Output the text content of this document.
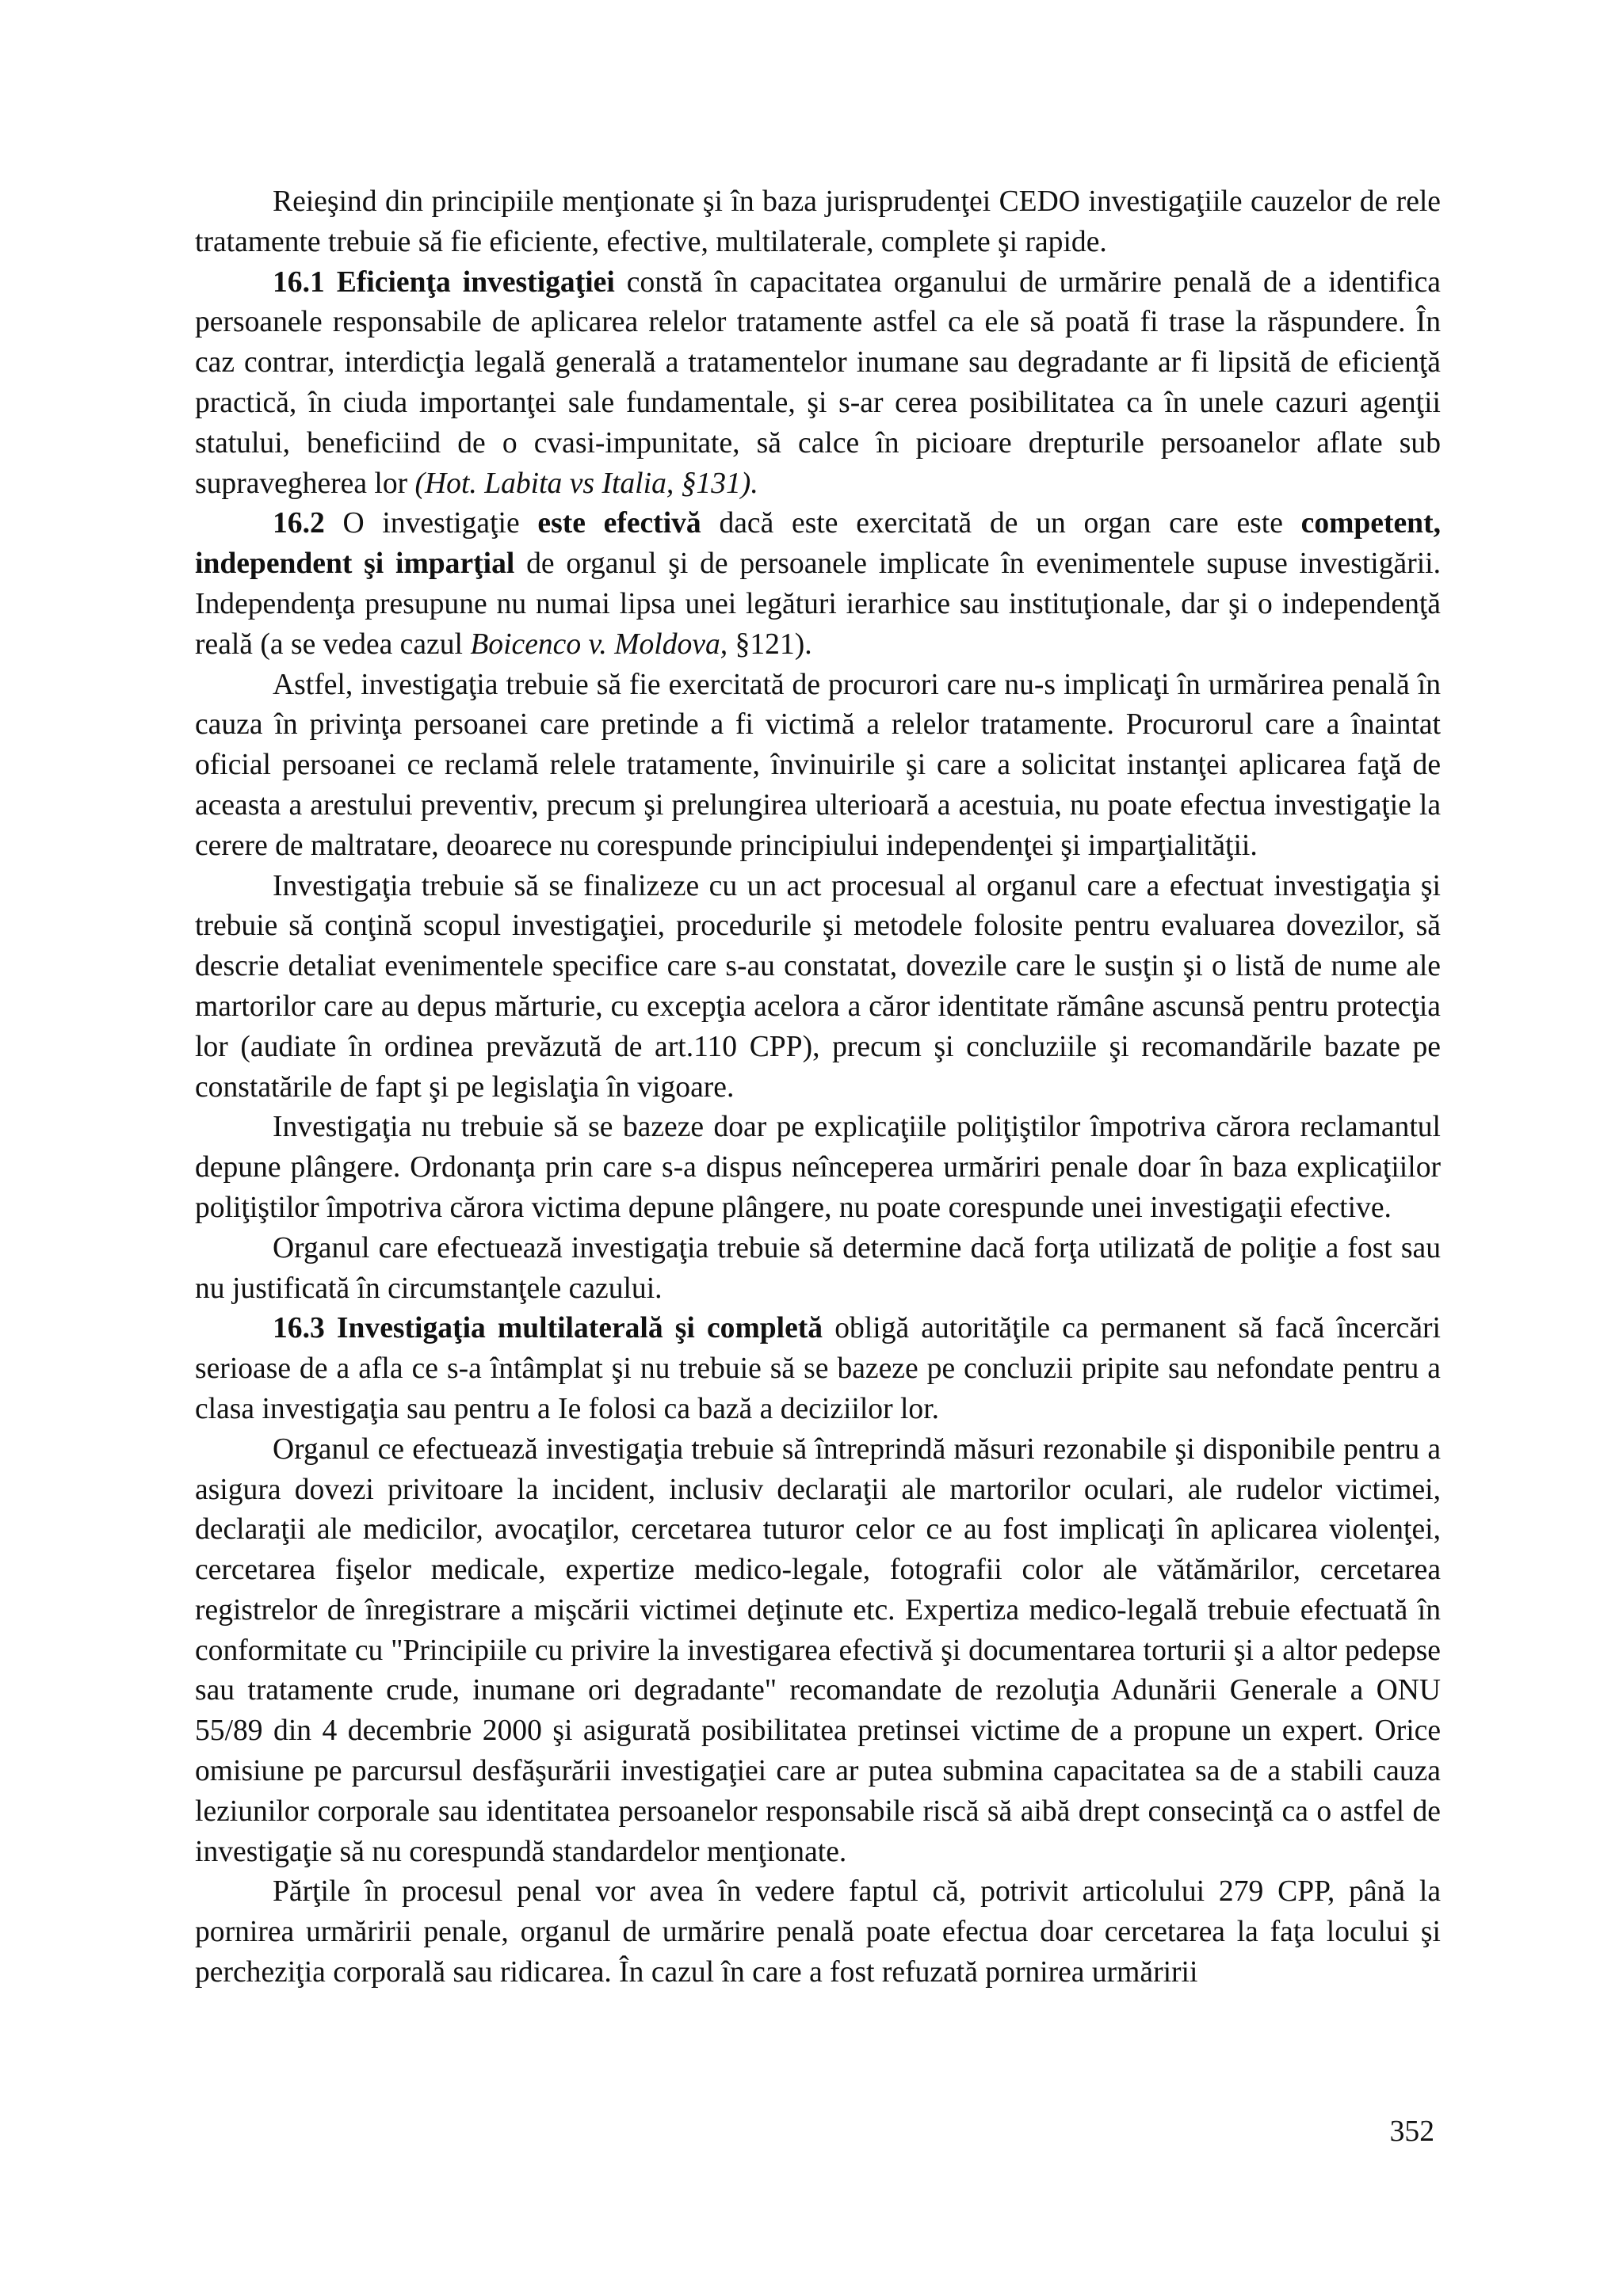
Reieşind din principiile menţionate şi în baza jurisprudenţei CEDO investigaţiile cauzelor de rele tratamente trebuie să fie eficiente, efective, multilaterale, complete şi rapide.

16.1 Eficienţa investigaţiei constă în capacitatea organului de urmărire penală de a identifica persoanele responsabile de aplicarea relelor tratamente astfel ca ele să poată fi trase la răspundere. În caz contrar, interdicţia legală generală a tratamentelor inumane sau degradante ar fi lipsită de eficienţă practică, în ciuda importanţei sale fundamentale, şi s-ar cerea posibilitatea ca în unele cazuri agenţii statului, beneficiind de o cvasi-impunitate, să calce în picioare drepturile persoanelor aflate sub supravegherea lor (Hot. Labita vs Italia, §131).

16.2 O investigaţie este efectivă dacă este exercitată de un organ care este competent, independent şi imparţial de organul şi de persoanele implicate în evenimentele supuse investigării. Independenţa presupune nu numai lipsa unei legături ierarhice sau instituţionale, dar şi o independenţă reală (a se vedea cazul Boicenco v. Moldova, §121).

Astfel, investigaţia trebuie să fie exercitată de procurori care nu-s implicaţi în urmărirea penală în cauza în privinţa persoanei care pretinde a fi victimă a relelor tratamente. Procurorul care a înaintat oficial persoanei ce reclamă relele tratamente, învinuirile şi care a solicitat instanţei aplicarea faţă de aceasta a arestului preventiv, precum şi prelungirea ulterioară a acestuia, nu poate efectua investigaţie la cerere de maltratare, deoarece nu corespunde principiului independenţei şi imparţialităţii.

Investigaţia trebuie să se finalizeze cu un act procesual al organul care a efectuat investigaţia şi trebuie să conţină scopul investigaţiei, procedurile şi metodele folosite pentru evaluarea dovezilor, să descrie detaliat evenimentele specifice care s-au constatat, dovezile care le susţin şi o listă de nume ale martorilor care au depus mărturie, cu excepţia acelora a căror identitate rămâne ascunsă pentru protecţia lor (audiate în ordinea prevăzută de art.110 CPP), precum şi concluziile şi recomandările bazate pe constatările de fapt şi pe legislaţia în vigoare.

Investigaţia nu trebuie să se bazeze doar pe explicaţiile poliţiştilor împotriva cărora reclamantul depune plângere. Ordonanţa prin care s-a dispus neînceperea urmăriri penale doar în baza explicaţiilor poliţiştilor împotriva cărora victima depune plângere, nu poate corespunde unei investigaţii efective.

Organul care efectuează investigaţia trebuie să determine dacă forţa utilizată de poliţie a fost sau nu justificată în circumstanţele cazului.

16.3 Investigaţia multilaterală şi completă obligă autorităţile ca permanent să facă încercări serioase de a afla ce s-a întâmplat şi nu trebuie să se bazeze pe concluzii pripite sau nefondate pentru a clasa investigaţia sau pentru a Ie folosi ca bază a deciziilor lor.

Organul ce efectuează investigaţia trebuie să întreprindă măsuri rezonabile şi disponibile pentru a asigura dovezi privitoare la incident, inclusiv declaraţii ale martorilor oculari, ale rudelor victimei, declaraţii ale medicilor, avocaţilor, cercetarea tuturor celor ce au fost implicaţi în aplicarea violenţei, cercetarea fişelor medicale, expertize medico-legale, fotografii color ale vătămărilor, cercetarea registrelor de înregistrare a mişcării victimei deţinute etc. Expertiza medico-legală trebuie efectuată în conformitate cu "Principiile cu privire la investigarea efectivă şi documentarea torturii şi a altor pedepse sau tratamente crude, inumane ori degradante" recomandate de rezoluţia Adunării Generale a ONU 55/89 din 4 decembrie 2000 şi asigurată posibilitatea pretinsei victime de a propune un expert. Orice omisiune pe parcursul desfăşurării investigaţiei care ar putea submina capacitatea sa de a stabili cauza leziunilor corporale sau identitatea persoanelor responsabile riscă să aibă drept consecinţă ca o astfel de investigaţie să nu corespundă standardelor menţionate.

Părţile în procesul penal vor avea în vedere faptul că, potrivit articolului 279 CPP, până la pornirea urmăririi penale, organul de urmărire penală poate efectua doar cercetarea la faţa locului şi percheziţia corporală sau ridicarea. În cazul în care a fost refuzată pornirea urmăririi

352
